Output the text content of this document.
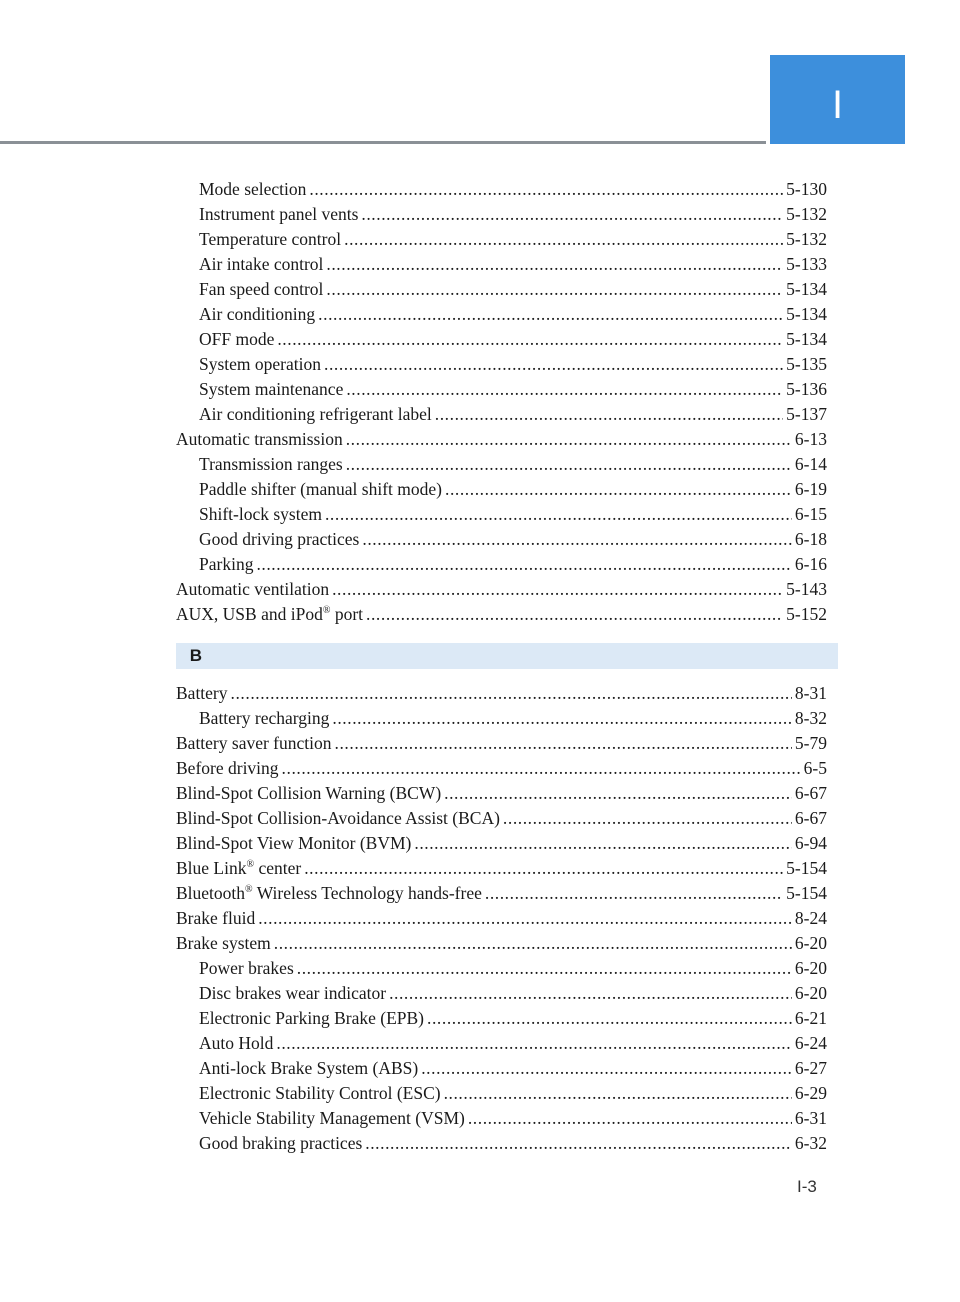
I
Mode selection . . .	5-130
Instrument panel vents . . .	5-132
Temperature control . . .	5-132
Air intake control . . .	5-133
Fan speed control . . .	5-134
Air conditioning . . .	5-134
OFF mode . . .	5-134
System operation . . .	5-135
System maintenance . . .	5-136
Air conditioning refrigerant label . . .	5-137
Automatic transmission . . .	6-13
Transmission ranges . . .	6-14
Paddle shifter (manual shift mode) . . .	6-19
Shift-lock system . . .	6-15
Good driving practices . . .	6-18
Parking . . .	6-16
Automatic ventilation . . .	5-143
AUX, USB and iPod® port . . .	5-152
B
Battery . . .	8-31
Battery recharging . . .	8-32
Battery saver function . . .	5-79
Before driving . . .	6-5
Blind-Spot Collision Warning (BCW) . . .	6-67
Blind-Spot Collision-Avoidance Assist (BCA) . . .	6-67
Blind-Spot View Monitor (BVM) . . .	6-94
Blue Link® center . . .	5-154
Bluetooth® Wireless Technology hands-free . . .	5-154
Brake fluid . . .	8-24
Brake system . . .	6-20
Power brakes . . .	6-20
Disc brakes wear indicator . . .	6-20
Electronic Parking Brake (EPB) . . .	6-21
Auto Hold . . .	6-24
Anti-lock Brake System (ABS) . . .	6-27
Electronic Stability Control (ESC) . . .	6-29
Vehicle Stability Management (VSM) . . .	6-31
Good braking practices . . .	6-32
I-3
